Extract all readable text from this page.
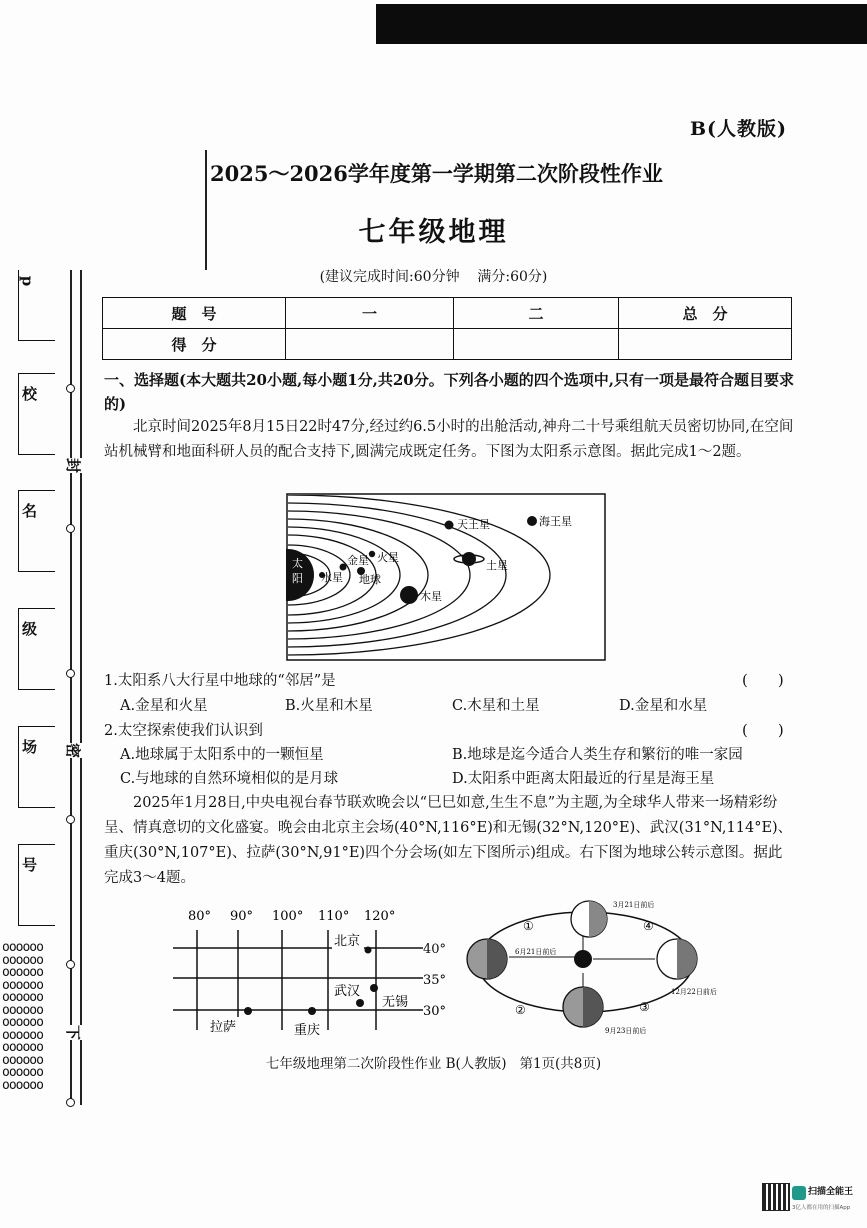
B(人教版)
2025～2026学年度第一学期第二次阶段性作业
七年级地理
(建议完成时间:60分钟    满分:60分)
题　号	一	二	总　分
得　分			
p
校
名
级
场
号
封
密
下
oooooo
oooooo
oooooo
oooooo
oooooo
oooooo
oooooo
oooooo
oooooo
oooooo
oooooo
oooooo
一、选择题(本大题共20小题,每小题1分,共20分。下列各小题的四个选项中,只有一项是最符合题目要求的)
北京时间2025年8月15日22时47分,经过约6.5小时的出舱活动,神舟二十号乘组航天员密切协同,在空间站机械臂和地面科研人员的配合支持下,圆满完成既定任务。下图为太阳系示意图。据此完成1～2题。
太阳 水星
金星
地球
火星
木星
土星
天王星	海王星
1.太阳系八大行星中地球的“邻居”是	(　　)
A.金星和火星	B.火星和木星	C.木星和土星	D.金星和水星
2.太空探索使我们认识到	(　　)
A.地球属于太阳系中的一颗恒星	B.地球是迄今适合人类生存和繁衍的唯一家园
C.与地球的自然环境相似的是月球	D.太阳系中距离太阳最近的行星是海王星
2025年1月28日,中央电视台春节联欢晚会以“巳巳如意,生生不息”为主题,为全球华人带来一场精彩纷呈、情真意切的文化盛宴。晚会由北京主会场(40°N,116°E)和无锡(32°N,120°E)、武汉(31°N,114°E)、重庆(30°N,107°E)、拉萨(30°N,91°E)四个分会场(如左下图所示)组成。右下图为地球公转示意图。据此完成3～4题。
80° 90° 100° 110° 120°
40°
35°
30°
北京
武汉
无锡
拉萨	重庆
3月21日前后
6月21日前后
12月22日前后
9月23日前后
①
②	③
④
七年级地理第二次阶段性作业 B(人教版)   第1页(共8页)
扫描全能王
3亿人都在用的扫描App
